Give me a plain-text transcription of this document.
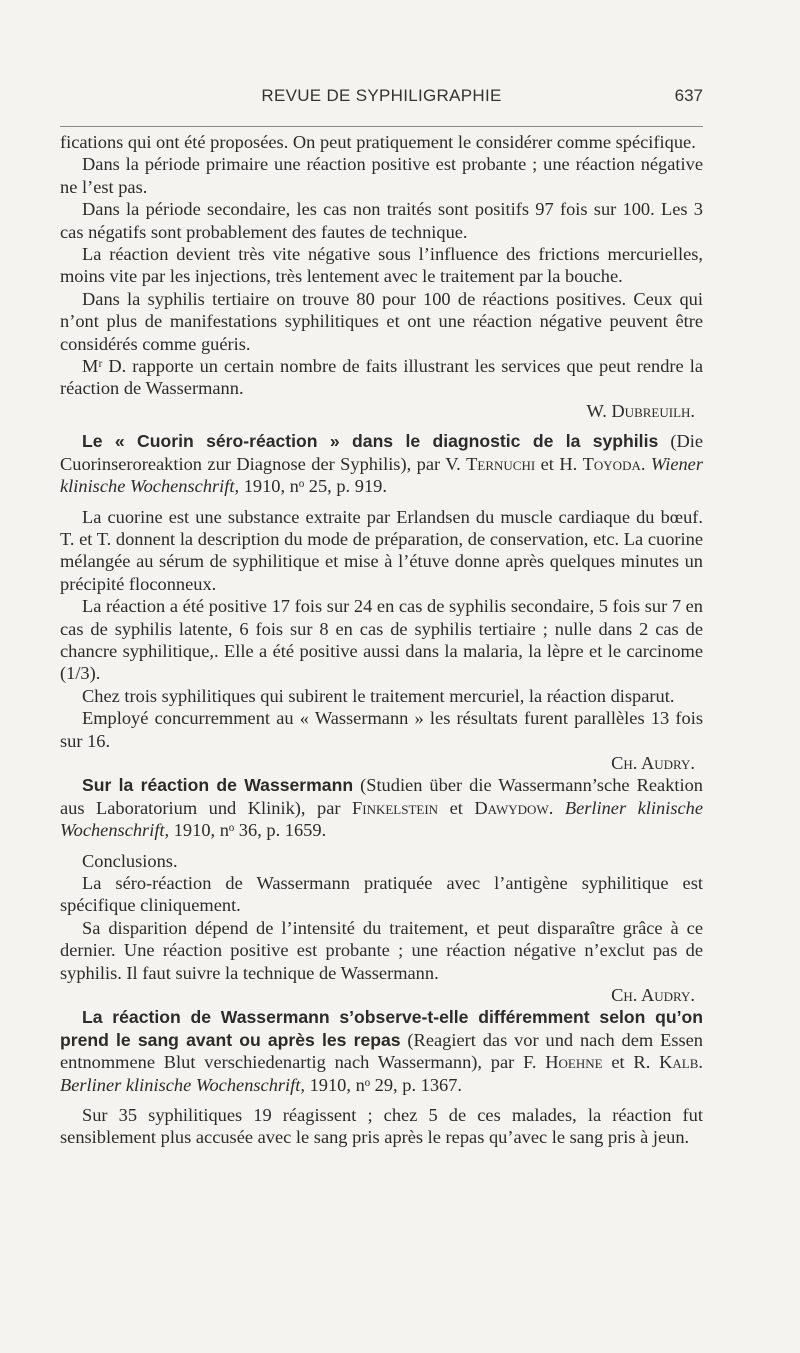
REVUE DE SYPHILIGRAPHIE	637

fications qui ont été proposées. On peut pratiquement le considérer comme spécifique.

Dans la période primaire une réaction positive est probante ; une réaction négative ne l’est pas.

Dans la période secondaire, les cas non traités sont positifs 97 fois sur 100. Les 3 cas négatifs sont probablement des fautes de technique.

La réaction devient très vite négative sous l’influence des frictions mercurielles, moins vite par les injections, très lentement avec le traitement par la bouche.

Dans la syphilis tertiaire on trouve 80 pour 100 de réactions positives. Ceux qui n’ont plus de manifestations syphilitiques et ont une réaction négative peuvent être considérés comme guéris.

Mʳ D. rapporte un certain nombre de faits illustrant les services que peut rendre la réaction de Wassermann.

W. Dubreuilh.

Le « Cuorin séro-réaction » dans le diagnostic de la syphilis (Die Cuorinseroreaktion zur Diagnose der Syphilis), par V. Ternuchi et H. Toyoda. Wiener klinische Wochenschrift, 1910, nᵒ 25, p. 919.

La cuorine est une substance extraite par Erlandsen du muscle cardiaque du bœuf. T. et T. donnent la description du mode de préparation, de conservation, etc. La cuorine mélangée au sérum de syphilitique et mise à l’étuve donne après quelques minutes un précipité floconneux.

La réaction a été positive 17 fois sur 24 en cas de syphilis secondaire, 5 fois sur 7 en cas de syphilis latente, 6 fois sur 8 en cas de syphilis tertiaire ; nulle dans 2 cas de chancre syphilitique,. Elle a été positive aussi dans la malaria, la lèpre et le carcinome (1/3).

Chez trois syphilitiques qui subirent le traitement mercuriel, la réaction disparut.

Employé concurremment au « Wassermann » les résultats furent parallèles 13 fois sur 16.

Ch. Audry.

Sur la réaction de Wassermann (Studien über die Wassermann’sche Reaktion aus Laboratorium und Klinik), par Finkelstein et Dawydow. Berliner klinische Wochenschrift, 1910, nᵒ 36, p. 1659.

Conclusions.

La séro-réaction de Wassermann pratiquée avec l’antigène syphilitique est spécifique cliniquement.

Sa disparition dépend de l’intensité du traitement, et peut disparaître grâce à ce dernier. Une réaction positive est probante ; une réaction négative n’exclut pas de syphilis. Il faut suivre la technique de Wassermann.

Ch. Audry.

La réaction de Wassermann s’observe-t-elle différemment selon qu’on prend le sang avant ou après les repas (Reagiert das vor und nach dem Essen entnommene Blut verschiedenartig nach Wassermann), par F. Hoehne et R. Kalb. Berliner klinische Wochenschrift, 1910, nᵒ 29, p. 1367.

Sur 35 syphilitiques 19 réagissent ; chez 5 de ces malades, la réaction fut sensiblement plus accusée avec le sang pris après le repas qu’avec le sang pris à jeun.
